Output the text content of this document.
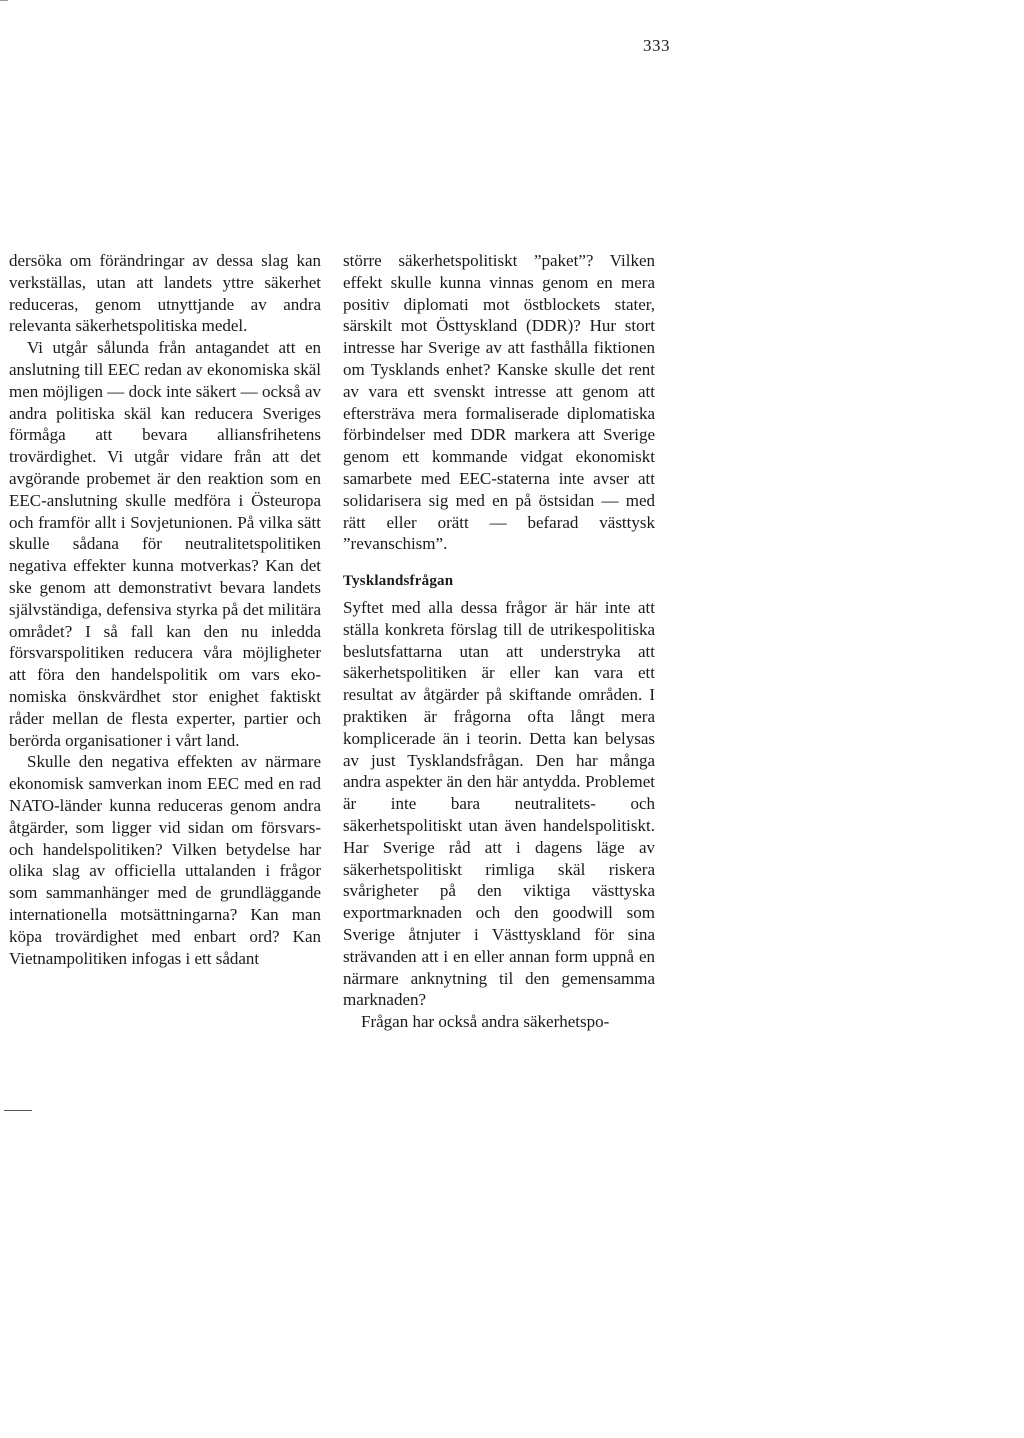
333

dersöka om förändringar av dessa slag kan verkställas, utan att landets yttre säkerhet reduceras, genom utnyttjande av andra relevanta säkerhetspolitiska medel.

Vi utgår sålunda från antagandet att en anslutning till EEC redan av ekonomiska skäl men möjligen — dock inte säkert — också av andra politiska skäl kan reducera Sveriges förmåga att bevara alliansfrihetens trovärdighet. Vi utgår vidare från att det avgörande probemet är den reaktion som en EEC-anslutning skulle medföra i Östeuropa och framför allt i Sovjetunionen. På vilka sätt skulle sådana för neutralitetspolitiken negativa effekter kunna motverkas? Kan det ske genom att demonstrativt bevara landets självständiga, defensiva styrka på det militära området? I så fall kan den nu inledda försvarspolitiken reducera våra möjligheter att föra den handelspolitik om vars ekonomiska önskvärdhet stor enighet faktiskt råder mellan de flesta experter, partier och berörda organisationer i vårt land.

Skulle den negativa effekten av närmare ekonomisk samverkan inom EEC med en rad NATO-länder kunna reduceras genom andra åtgärder, som ligger vid sidan om försvars- och handelspolitiken? Vilken betydelse har olika slag av officiella uttalanden i frågor som sammanhänger med de grundläggande internationella motsättningarna? Kan man köpa trovärdighet med enbart ord? Kan Vietnampolitiken infogas i ett sådant

större säkerhetspolitiskt ”paket”? Vilken effekt skulle kunna vinnas genom en mera positiv diplomati mot östblockets stater, särskilt mot Östtyskland (DDR)? Hur stort intresse har Sverige av att fasthålla fiktionen om Tysklands enhet? Kanske skulle det rent av vara ett svenskt intresse att genom att eftersträva mera formaliserade diplomatiska förbindelser med DDR markera att Sverige genom ett kommande vidgat ekonomiskt samarbete med EEC-staterna inte avser att solidarisera sig med en på östsidan — med rätt eller orätt — befarad västtysk ”revanschism”.

Tysklandsfrågan

Syftet med alla dessa frågor är här inte att ställa konkreta förslag till de utrikespolitiska beslutsfattarna utan att understryka att säkerhetspolitiken är eller kan vara ett resultat av åtgärder på skiftande områden. I praktiken är frågorna ofta långt mera komplicerade än i teorin. Detta kan belysas av just Tysklandsfrågan. Den har många andra aspekter än den här antydda. Problemet är inte bara neutralitets- och säkerhetspolitiskt utan även handelspolitiskt. Har Sverige råd att i dagens läge av säkerhetspolitiskt rimliga skäl riskera svårigheter på den viktiga västtyska exportmarknaden och den goodwill som Sverige åtnjuter i Västtyskland för sina strävanden att i en eller annan form uppnå en närmare anknytning til den gemensamma marknaden?

Frågan har också andra säkerhetspo-
